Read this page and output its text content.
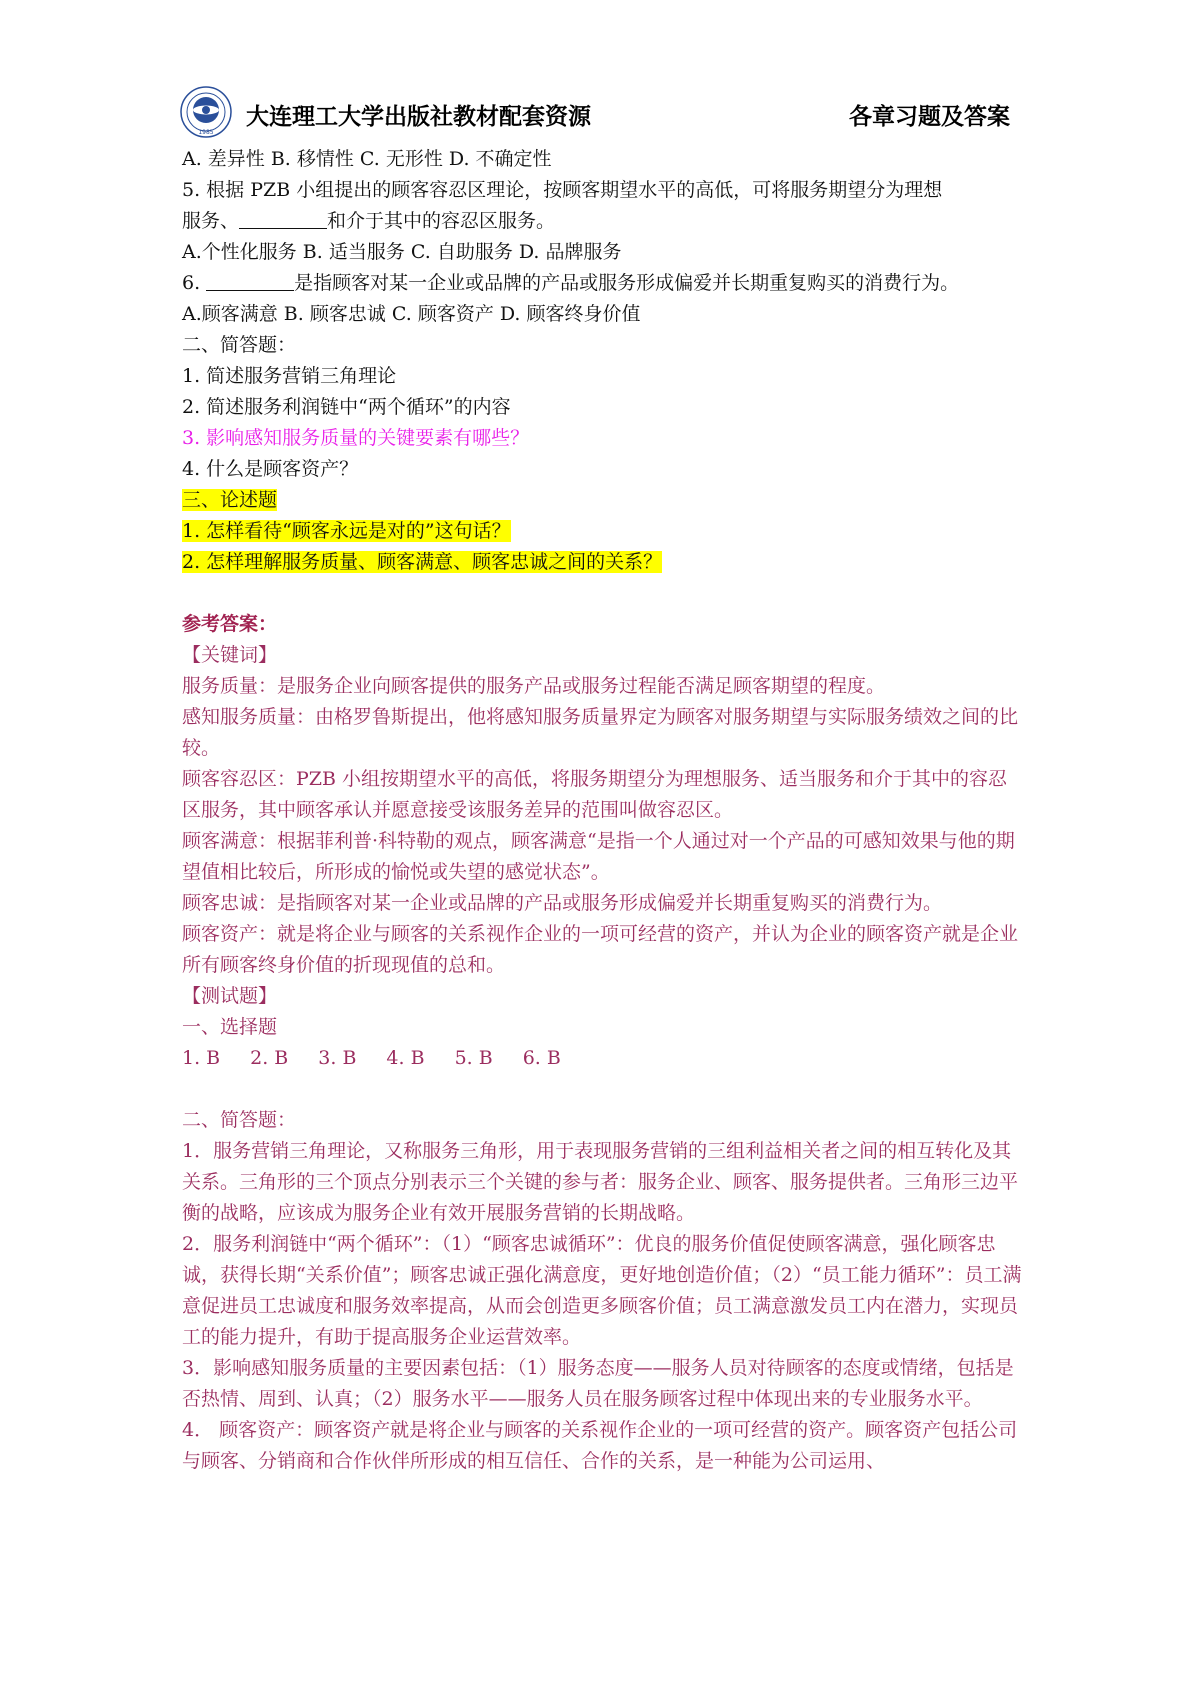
1985
大连理工大学出版社教材配套资源	各章习题及答案
A. 差异性 B. 移情性 C. 无形性 D. 不确定性
5. 根据 PZB 小组提出的顾客容忍区理论，按顾客期望水平的高低，可将服务期望分为理想
服务、	和介于其中的容忍区服务。
A.个性化服务 B. 适当服务 C. 自助服务 D. 品牌服务
6.	是指顾客对某一企业或品牌的产品或服务形成偏爱并长期重复购买的消费行为。
A.顾客满意 B. 顾客忠诚 C. 顾客资产 D. 顾客终身价值
二、简答题：
1. 简述服务营销三角理论
2. 简述服务利润链中“两个循环”的内容
3. 影响感知服务质量的关键要素有哪些？
4. 什么是顾客资产？
三、论述题
1. 怎样看待“顾客永远是对的”这句话？
2. 怎样理解服务质量、顾客满意、顾客忠诚之间的关系？
参考答案：
【关键词】
服务质量：是服务企业向顾客提供的服务产品或服务过程能否满足顾客期望的程度。
感知服务质量：由格罗鲁斯提出，他将感知服务质量界定为顾客对服务期望与实际服务绩效之间的比较。
顾客容忍区：PZB 小组按期望水平的高低，将服务期望分为理想服务、适当服务和介于其中的容忍区服务，其中顾客承认并愿意接受该服务差异的范围叫做容忍区。
顾客满意：根据菲利普·科特勒的观点，顾客满意“是指一个人通过对一个产品的可感知效果与他的期望值相比较后，所形成的愉悦或失望的感觉状态”。
顾客忠诚：是指顾客对某一企业或品牌的产品或服务形成偏爱并长期重复购买的消费行为。
顾客资产：就是将企业与顾客的关系视作企业的一项可经营的资产，并认为企业的顾客资产就是企业所有顾客终身价值的折现现值的总和。
【测试题】
一、选择题
1. B 2. B 3. B 4. B 5. B 6. B
二、简答题：
1．服务营销三角理论，又称服务三角形，用于表现服务营销的三组利益相关者之间的相互转化及其关系。三角形的三个顶点分别表示三个关键的参与者：服务企业、顾客、服务提供者。三角形三边平衡的战略，应该成为服务企业有效开展服务营销的长期战略。
2．服务利润链中“两个循环”：（1）“顾客忠诚循环”：优良的服务价值促使顾客满意，强化顾客忠诚，获得长期“关系价值”；顾客忠诚正强化满意度，更好地创造价值；（2）“员工能力循环”：员工满意促进员工忠诚度和服务效率提高，从而会创造更多顾客价值；员工满意激发员工内在潜力，实现员工的能力提升，有助于提高服务企业运营效率。
3．影响感知服务质量的主要因素包括：（1）服务态度——服务人员对待顾客的态度或情绪，包括是否热情、周到、认真；（2）服务水平——服务人员在服务顾客过程中体现出来的专业服务水平。
4． 顾客资产：顾客资产就是将企业与顾客的关系视作企业的一项可经营的资产。顾客资产包括公司与顾客、分销商和合作伙伴所形成的相互信任、合作的关系，是一种能为公司运用、
